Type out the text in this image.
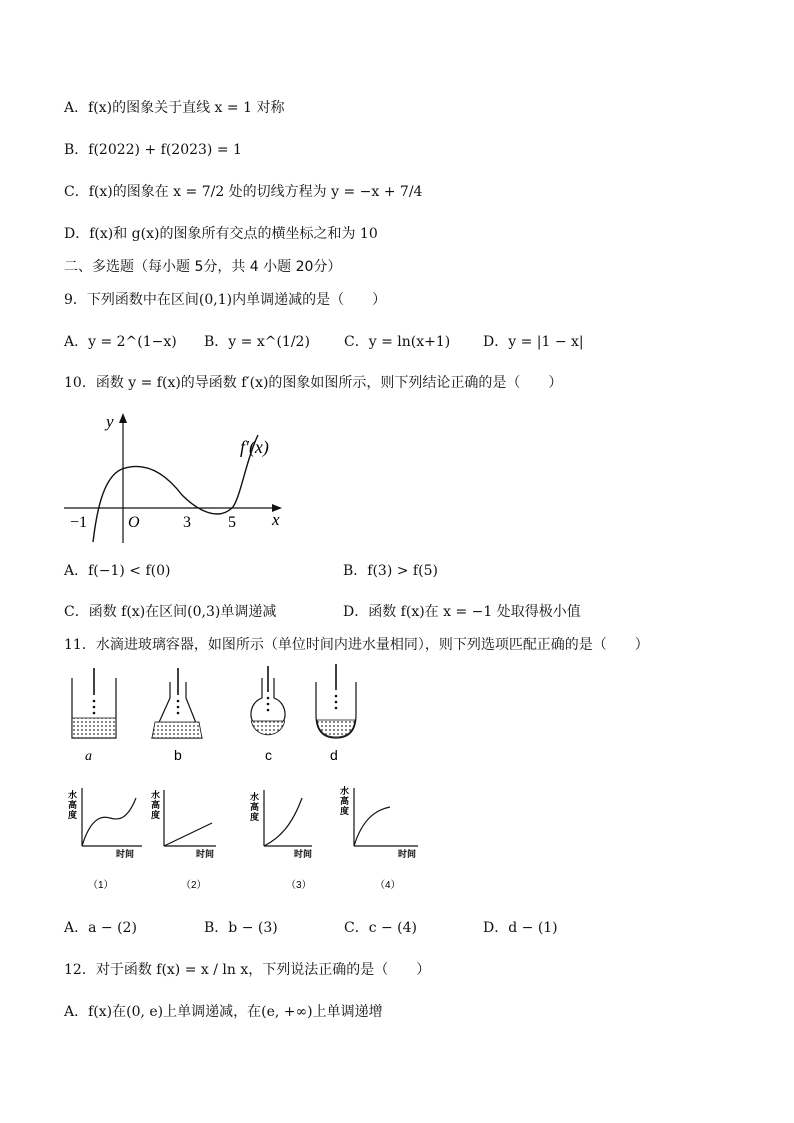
A．f(x)的图象关于直线 x = 1 对称
B．f(2022) + f(2023) = 1
C．f(x)的图象在 x = 7/2 处的切线方程为 y = −x + 7/4
D．f(x)和 g(x)的图象所有交点的横坐标之和为 10
二、多选题（每小题 5分，共 4 小题 20分）
9．下列函数中在区间(0,1)内单调递减的是（　　）
A．y = 2^(1−x) B．y = x^(1/2) C．y = ln(x+1) D．y = |1 − x|
10．函数 y = f(x)的导函数 f′(x)的图象如图所示，则下列结论正确的是（　　）
y
x
f′(x)
O
−1	3 5
A．f(−1) < f(0)	B．f(3) > f(5)
C．函数 f(x)在区间(0,3)单调递减	D．函数 f(x)在 x = −1 处取得极小值
11．水滴进玻璃容器，如图所示（单位时间内进水量相同），则下列选项匹配正确的是（　　）
a	b	c	d
水
高
度
时间
水
高
度
时间
水
高
度
时间
水
高
度
时间
（1）	（2）	（3）	（4）
A．a − (2)	B．b − (3)	C．c − (4)	D．d − (1)
12．对于函数 f(x) = x / ln x，下列说法正确的是（　　）
A．f(x)在(0, e)上单调递减，在(e, +∞)上单调递增
